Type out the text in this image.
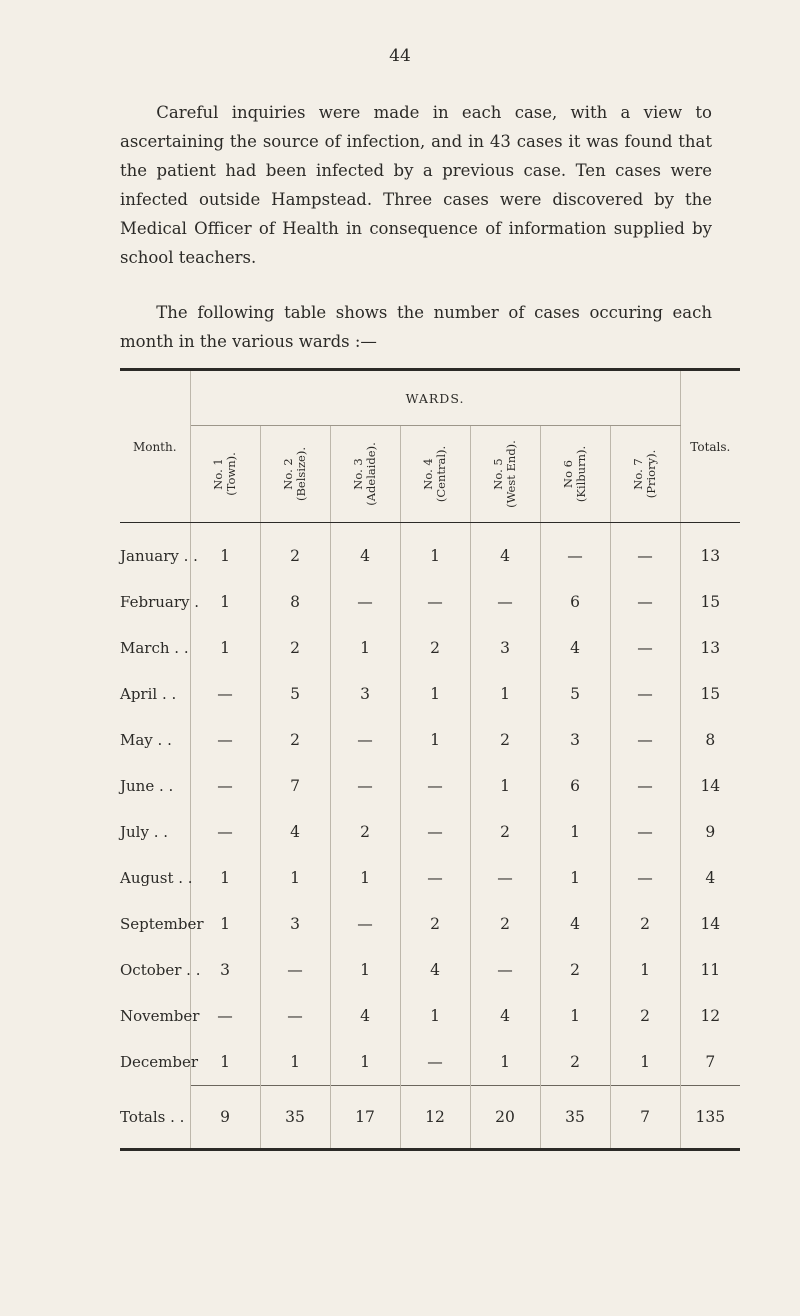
44

Careful inquiries were made in each case, with a view to ascertaining the source of infection, and in 43 cases it was found that the patient had been infected by a previous case. Ten cases were infected outside Hampstead. Three cases were discovered by the Medical Officer of Health in consequence of information supplied by school teachers.

The following table shows the number of cases occuring each month in the various wards :—

Month.	WARDS.							Totals.

	No. 1 (Town).	No. 2 (Belsize).	No. 3 (Adelaide).	No. 4 (Central).	No. 5 (West End).	No 6 (Kilburn).	No. 7 (Priory).	

January . .	1	2	4	1	4	—	—	13
February .	1	8	—	—	—	6	—	15
March . .	1	2	1	2	3	4	—	13
April . .	—	5	3	1	1	5	—	15
May . .	—	2	—	1	2	3	—	8
June . .	—	7	—	—	1	6	—	14
July . .	—	4	2	—	2	1	—	9
August . .	1	1	1	—	—	1	—	4
September	1	3	—	2	2	4	2	14
October . .	3	—	1	4	—	2	1	11
November	—	—	4	1	4	1	2	12
December	1	1	1	—	1	2	1	7
Totals . .	9	35	17	12	20	35	7	135
